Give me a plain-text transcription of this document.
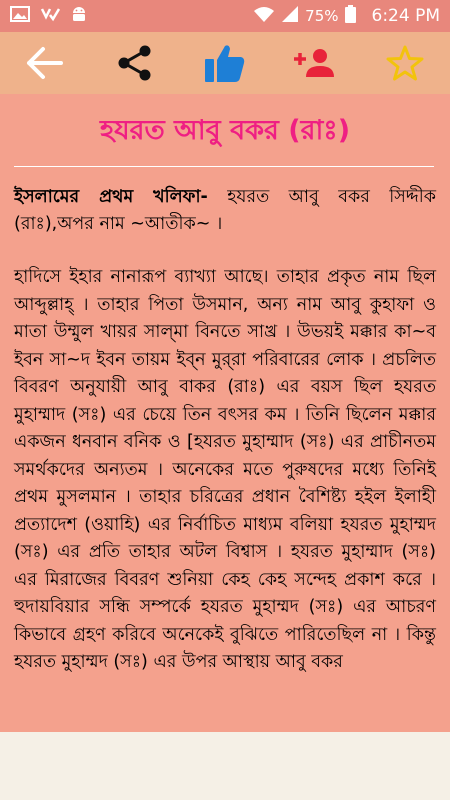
75% 6:24 PM
হযরত আবু বকর (রাঃ)
ইসলামের প্রথম খলিফা- হযরত আবু বকর সিদ্দীক (রাঃ),অপর নাম ~আতীক~ ।
হাদিসে ইহার নানারূপ ব্যাখ্যা আছে। তাহার প্রকৃত নাম ছিল আব্দুল্লাহ্ । তাহার পিতা উসমান, অন্য নাম আবু কুহাফা ও মাতা উম্মুল খায়র সাল্‌মা বিনতে সাখ্র । উভয়ই মক্কার কা~ব ইবন সা~দ ইবন তায়ম ইব্‌ন মুর্‌রা পরিবারের লোক । প্রচলিত বিবরণ অনুযায়ী আবু বাকর (রাঃ) এর বয়স ছিল হযরত মুহাম্মাদ (সঃ) এর চেয়ে তিন বৎসর কম । তিনি ছিলেন মক্কার একজন ধনবান বনিক ও [হযরত মুহাম্মাদ (সঃ) এর প্রাচীনতম সমর্থকদের অন্যতম । অনেকের মতে পুরুষদের মধ্যে তিনিই প্রথম মুসলমান । তাহার চরিত্রের প্রধান বৈশিষ্ট্য হইল ইলাহী প্রত্যাদেশ (ওয়াহি) এর নির্বাচিত মাধ্যম বলিয়া হযরত মুহাম্মদ (সঃ) এর প্রতি তাহার অটল বিশ্বাস । হযরত মুহাম্মাদ (সঃ) এর মিরাজের বিবরণ শুনিয়া কেহ কেহ সন্দেহ প্রকাশ করে । হুদায়বিয়ার সন্ধি সম্পর্কে হযরত মুহাম্মদ (সঃ) এর আচরণ কিভাবে গ্রহণ করিবে অনেকেই বুঝিতে পারিতেছিল না । কিন্তু হযরত মুহাম্মদ (সঃ) এর উপর আস্থায় আবু বকর
